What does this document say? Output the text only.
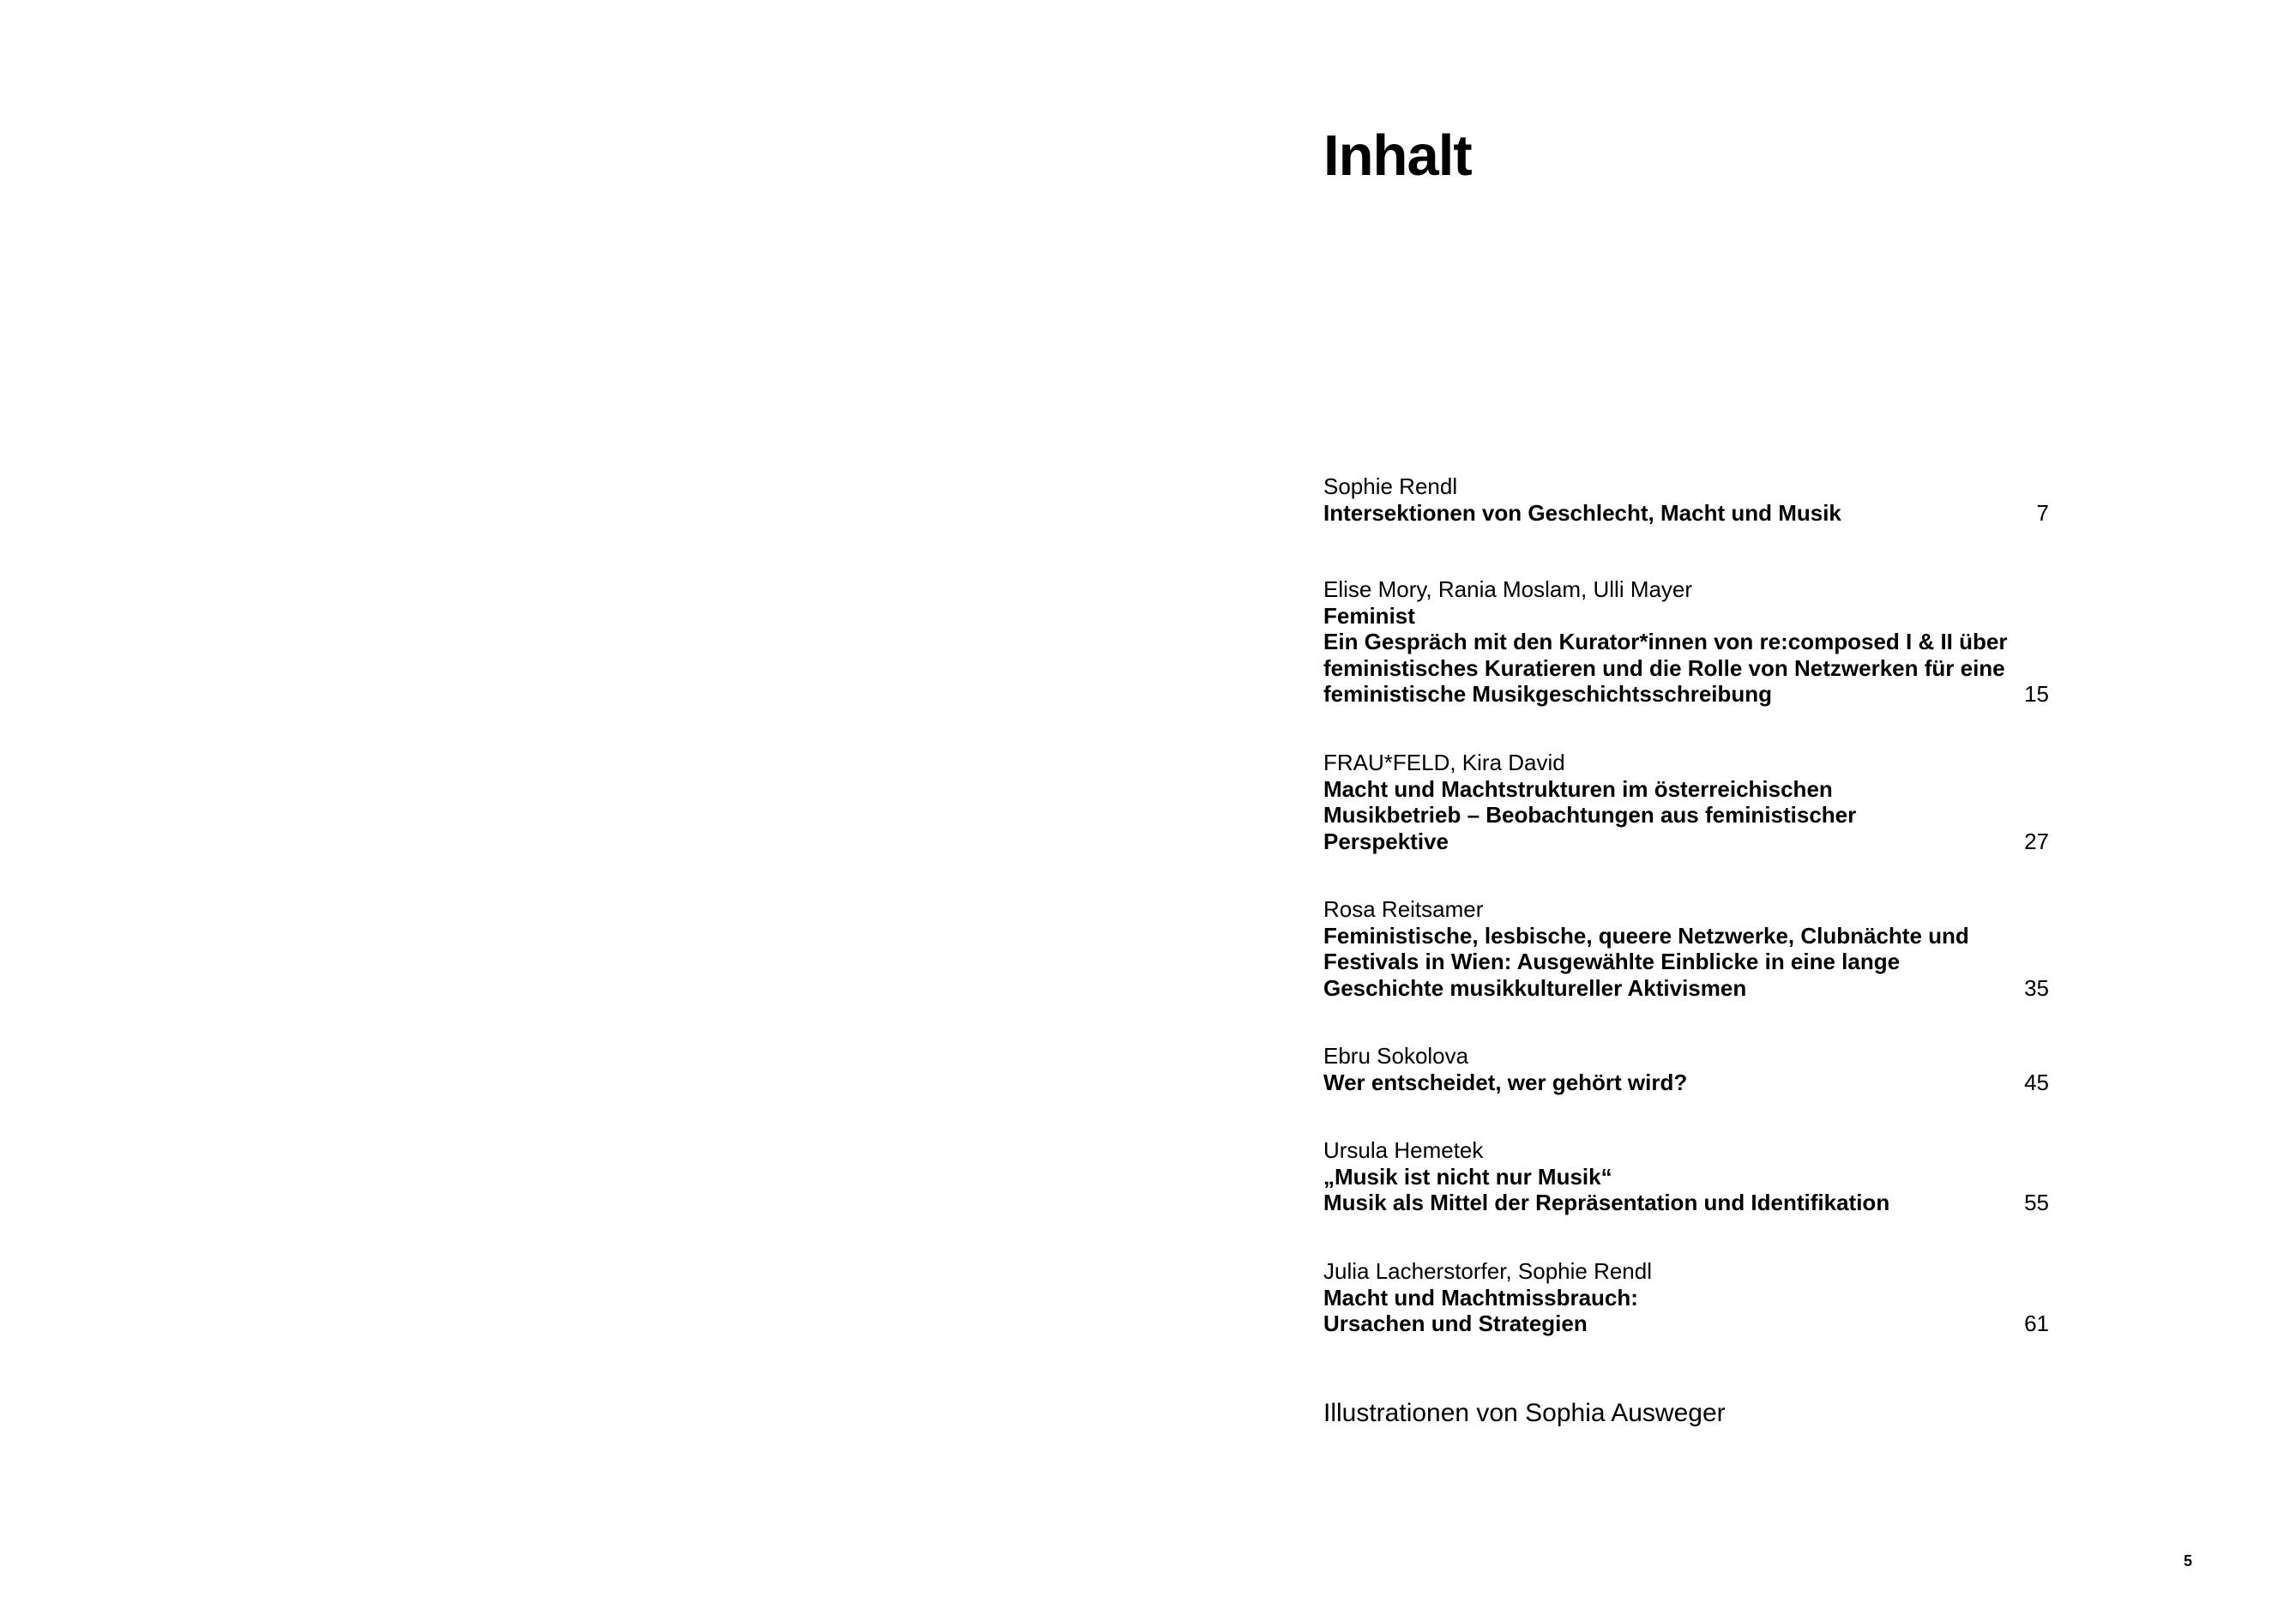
Inhalt
Sophie Rendl
Intersektionen von Geschlecht, Macht und Musik	7
Elise Mory, Rania Moslam, Ulli Mayer
Feminist
Ein Gespräch mit den Kurator*innen von re:composed I & II über
feministisches Kuratieren und die Rolle von Netzwerken für eine
feministische Musikgeschichtsschreibung	15
FRAU*FELD, Kira David
Macht und Machtstrukturen im österreichischen
Musikbetrieb – Beobachtungen aus feministischer
Perspektive	27
Rosa Reitsamer
Feministische, lesbische, queere Netzwerke, Clubnächte und
Festivals in Wien: Ausgewählte Einblicke in eine lange
Geschichte musikkultureller Aktivismen	35
Ebru Sokolova
Wer entscheidet, wer gehört wird?	45
Ursula Hemetek
„Musik ist nicht nur Musik“
Musik als Mittel der Repräsentation und Identifikation	55
Julia Lacherstorfer, Sophie Rendl
Macht und Machtmissbrauch:
Ursachen und Strategien	61
Illustrationen von Sophia Ausweger
5
